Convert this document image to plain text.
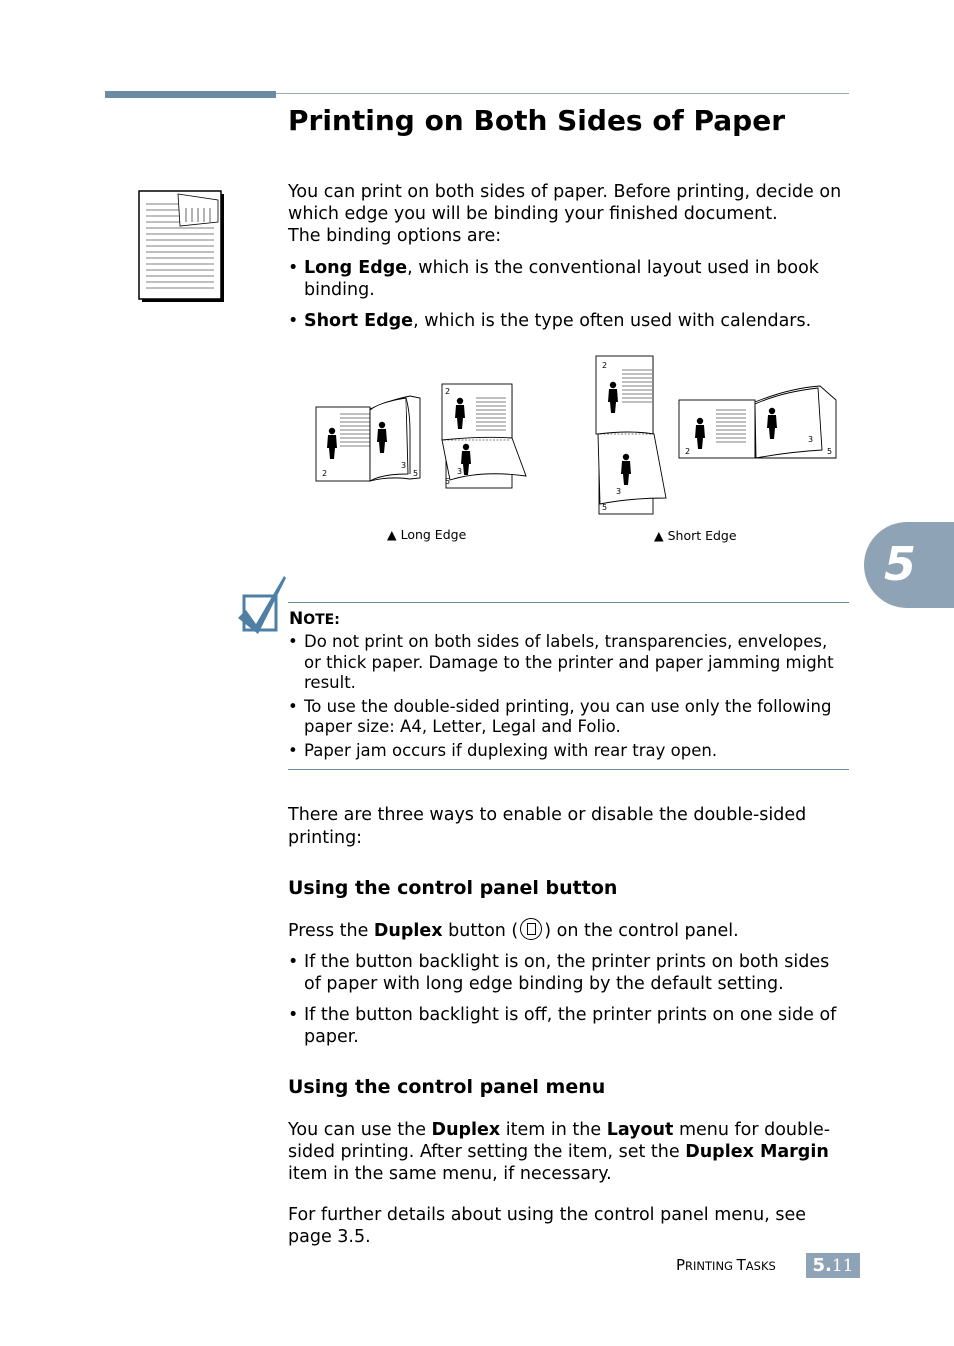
Printing on Both Sides of Paper

You can print on both sides of paper. Before printing, decide on

which edge you will be binding your finished document.

The binding options are:

• Long Edge, which is the conventional layout used in book binding.
• Short Edge, which is the type often used with calendars.
2
3
5
2
3
5
2
3
5
2
3
5
▲ Long Edge	▲ Short Edge
5
NOTE:
• Do not print on both sides of labels, transparencies, envelopes, or thick paper. Damage to the printer and paper jamming might result.
• To use the double-sided printing, you can use only the following paper size: A4, Letter, Legal and Folio.
• Paper jam occurs if duplexing with rear tray open.
There are three ways to enable or disable the double-sided printing:
Using the control panel button
Press the Duplex button ( ) on the control panel.
• If the button backlight is on, the printer prints on both sides of paper with long edge binding by the default setting.
• If the button backlight is off, the printer prints on one side of paper.
Using the control panel menu
You can use the Duplex item in the Layout menu for double-sided printing. After setting the item, set the Duplex Margin item in the same menu, if necessary.
For further details about using the control panel menu, see page 3.5.
PRINTING TASKS	5.11
